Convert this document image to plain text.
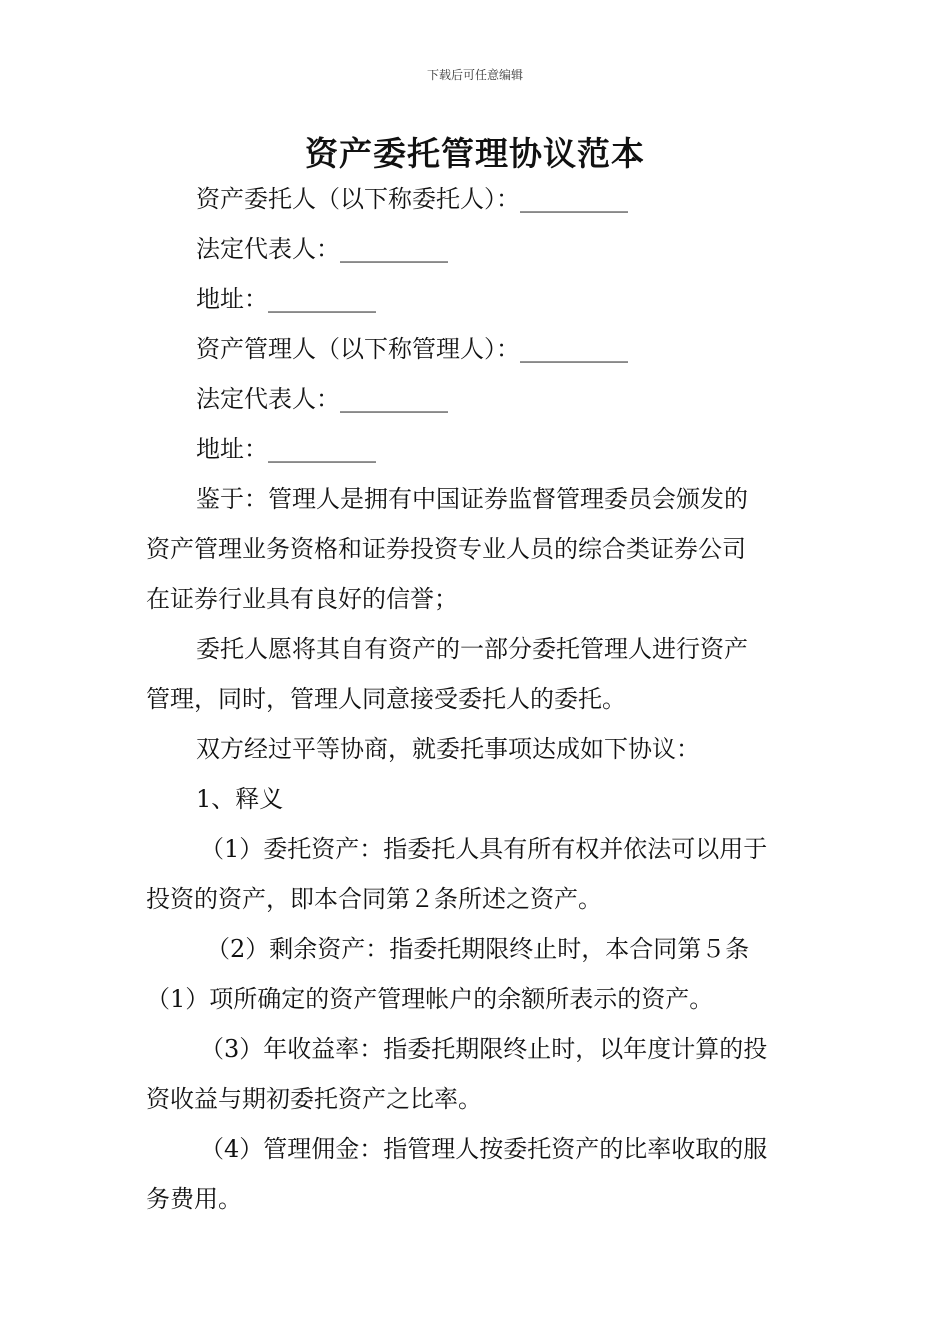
下载后可任意编辑
资产委托管理协议范本
资产委托人（以下称委托人）：_________
法定代表人：_________
地址：_________
资产管理人（以下称管理人）：_________
法定代表人：_________
地址：_________
鉴于：管理人是拥有中国证券监督管理委员会颁发的
资产管理业务资格和证券投资专业人员的综合类证券公司
在证券行业具有良好的信誉；
委托人愿将其自有资产的一部分委托管理人进行资产
管理，同时，管理人同意接受委托人的委托。
双方经过平等协商，就委托事项达成如下协议：
1、释义
（1）委托资产：指委托人具有所有权并依法可以用于
投资的资产，即本合同第２条所述之资产。
（2）剩余资产：指委托期限终止时，本合同第５条
（1）项所确定的资产管理帐户的余额所表示的资产。
（3）年收益率：指委托期限终止时，以年度计算的投
资收益与期初委托资产之比率。
（4）管理佣金：指管理人按委托资产的比率收取的服
务费用。
